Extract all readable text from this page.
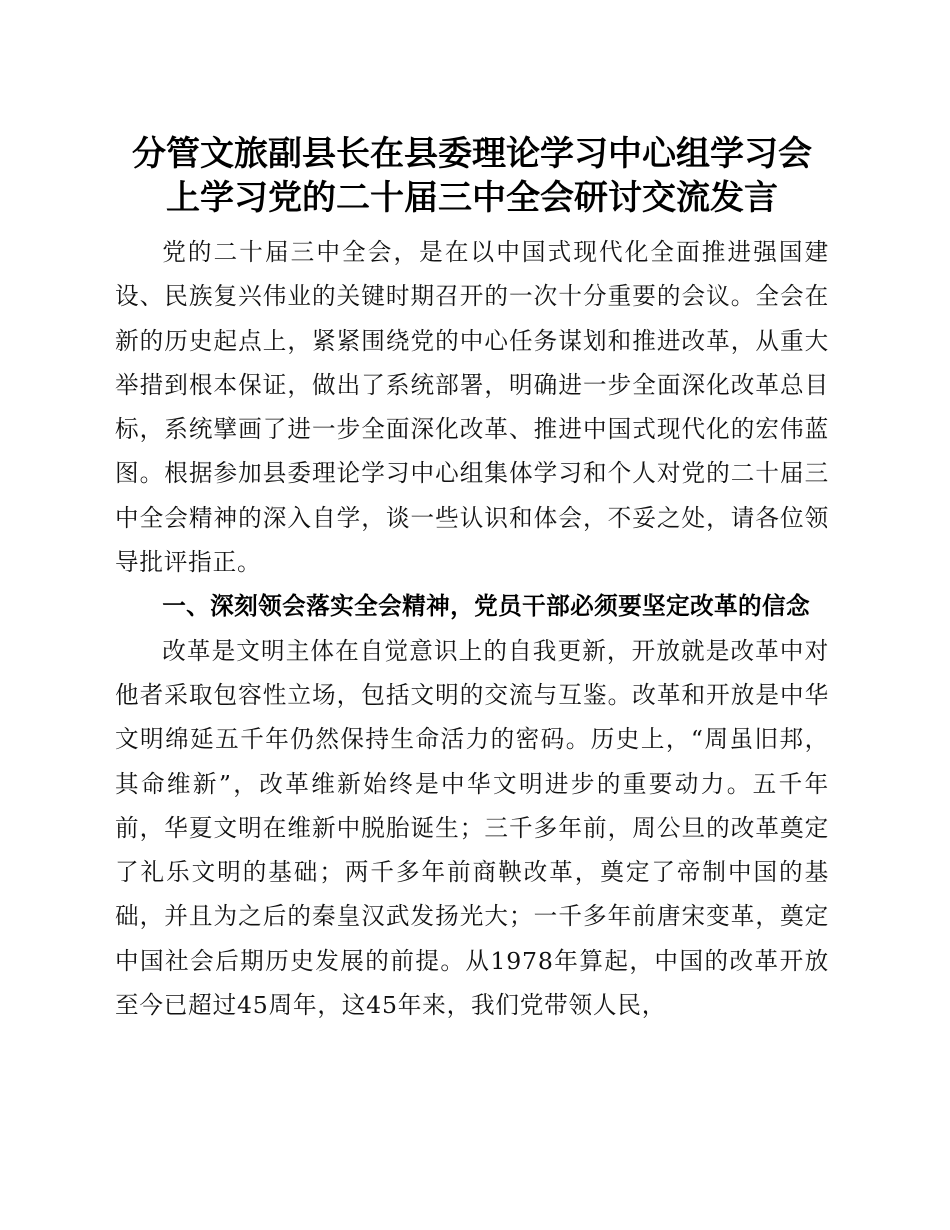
分管文旅副县长在县委理论学习中心组学习会
上学习党的二十届三中全会研讨交流发言

党的二十届三中全会，是在以中国式现代化全面推进强国建设、民族复兴伟业的关键时期召开的一次十分重要的会议。全会在新的历史起点上，紧紧围绕党的中心任务谋划和推进改革，从重大举措到根本保证，做出了系统部署，明确进一步全面深化改革总目标，系统擘画了进一步全面深化改革、推进中国式现代化的宏伟蓝图。根据参加县委理论学习中心组集体学习和个人对党的二十届三中全会精神的深入自学，谈一些认识和体会，不妥之处，请各位领导批评指正。

一、深刻领会落实全会精神，党员干部必须要坚定改革的信念

改革是文明主体在自觉意识上的自我更新，开放就是改革中对他者采取包容性立场，包括文明的交流与互鉴。改革和开放是中华文明绵延五千年仍然保持生命活力的密码。历史上，“周虽旧邦，其命维新”，改革维新始终是中华文明进步的重要动力。五千年前，华夏文明在维新中脱胎诞生；三千多年前，周公旦的改革奠定了礼乐文明的基础；两千多年前商鞅改革，奠定了帝制中国的基础，并且为之后的秦皇汉武发扬光大；一千多年前唐宋变革，奠定中国社会后期历史发展的前提。从1978年算起，中国的改革开放至今已超过45周年，这45年来，我们党带领人民，
